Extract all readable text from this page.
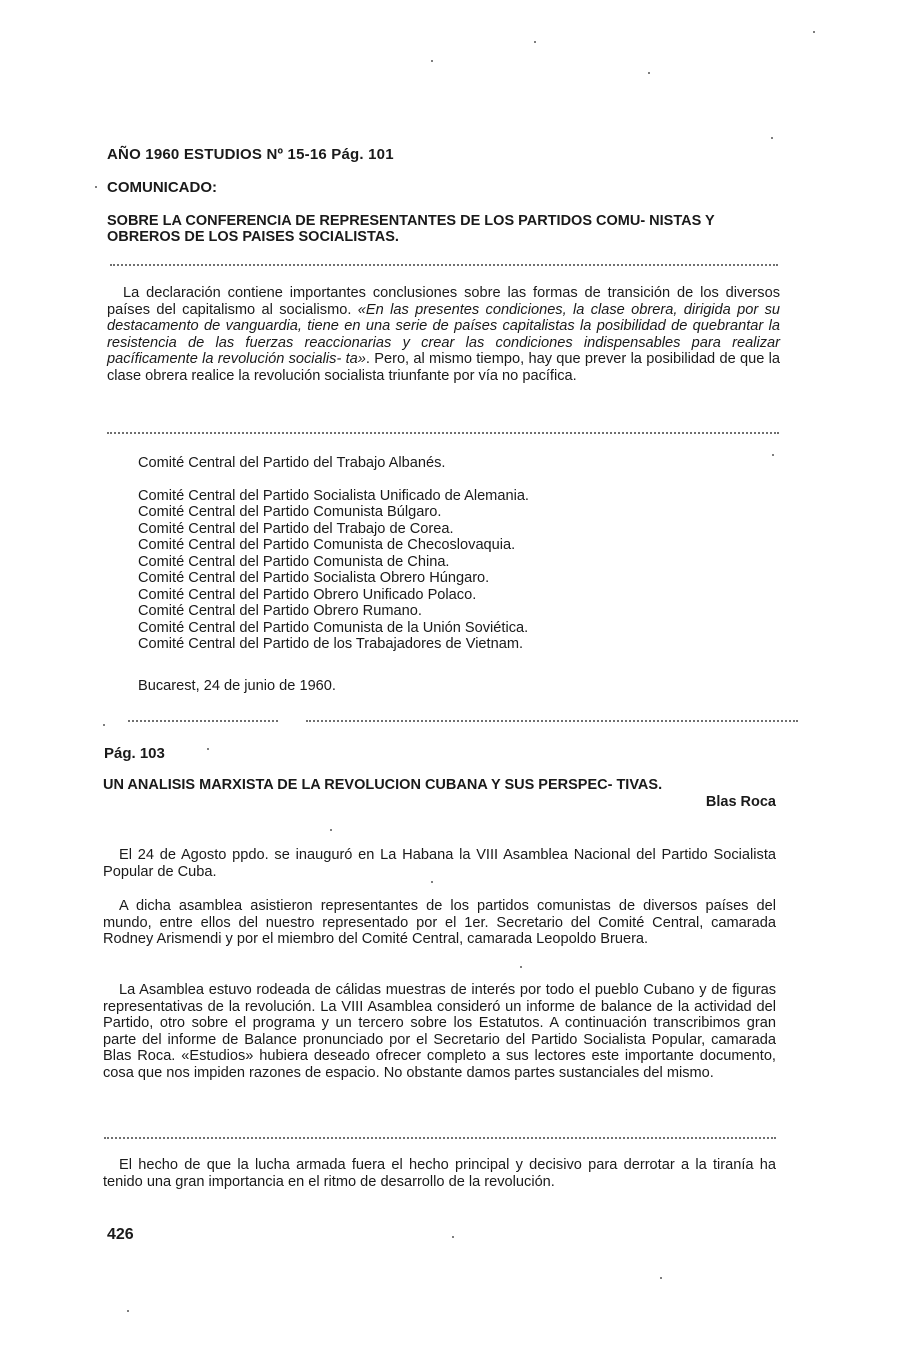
AÑO 1960 ESTUDIOS Nº 15-16 Pág. 101
COMUNICADO:
SOBRE LA CONFERENCIA DE REPRESENTANTES DE LOS PARTIDOS COMU- NISTAS Y OBREROS DE LOS PAISES SOCIALISTAS.
La declaración contiene importantes conclusiones sobre las formas de transición de los diversos países del capitalismo al socialismo. «En las presentes condiciones, la clase obrera, dirigida por su destacamento de vanguardia, tiene en una serie de países capitalistas la posibilidad de quebrantar la resistencia de las fuerzas reaccionarias y crear las condiciones indispensables para realizar pacíficamente la revolución socialis- ta». Pero, al mismo tiempo, hay que prever la posibilidad de que la clase obrera realice la revolución socialista triunfante por vía no pacífica.
Comité Central del Partido del Trabajo Albanés.
Comité Central del Partido Socialista Unificado de Alemania.
Comité Central del Partido Comunista Búlgaro.
Comité Central del Partido del Trabajo de Corea.
Comité Central del Partido Comunista de Checoslovaquia.
Comité Central del Partido Comunista de China.
Comité Central del Partido Socialista Obrero Húngaro.
Comité Central del Partido Obrero Unificado Polaco.
Comité Central del Partido Obrero Rumano.
Comité Central del Partido Comunista de la Unión Soviética.
Comité Central del Partido de los Trabajadores de Vietnam.
Bucarest, 24 de junio de 1960.
Pág. 103
UN ANALISIS MARXISTA DE LA REVOLUCION CUBANA Y SUS PERSPEC- TIVAS.
Blas Roca
El 24 de Agosto ppdo. se inauguró en La Habana la VIII Asamblea Nacional del Partido Socialista Popular de Cuba.
A dicha asamblea asistieron representantes de los partidos comunistas de diversos países del mundo, entre ellos del nuestro representado por el 1er. Secretario del Comité Central, camarada Rodney Arismendi y por el miembro del Comité Central, camarada Leopoldo Bruera.
La Asamblea estuvo rodeada de cálidas muestras de interés por todo el pueblo Cubano y de figuras representativas de la revolución. La VIII Asamblea consideró un informe de balance de la actividad del Partido, otro sobre el programa y un tercero sobre los Estatutos. A continuación transcribimos gran parte del informe de Balance pronunciado por el Secretario del Partido Socialista Popular, camarada Blas Roca. «Estudios» hubiera deseado ofrecer completo a sus lectores este importante documento, cosa que nos impiden razones de espacio. No obstante damos partes sustanciales del mismo.
El hecho de que la lucha armada fuera el hecho principal y decisivo para derrotar a la tiranía ha tenido una gran importancia en el ritmo de desarrollo de la revolución.
426
